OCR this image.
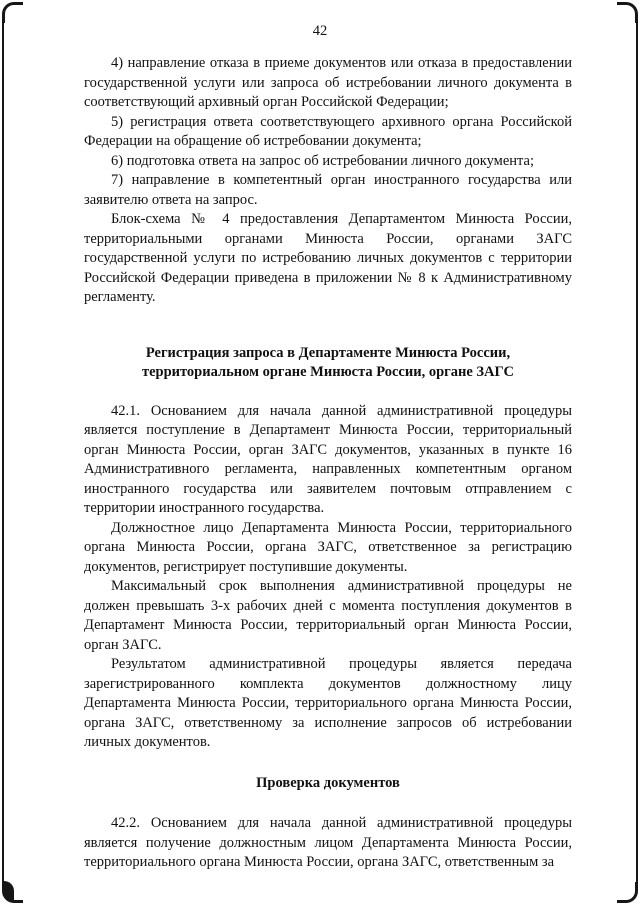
42

4) направление отказа в приеме документов или отказа в предоставлении государственной услуги или запроса об истребовании личного документа в соответствующий архивный орган Российской Федерации;

5) регистрация ответа соответствующего архивного органа Российской Федерации на обращение об истребовании документа;

6) подготовка ответа на запрос об истребовании личного документа;

7) направление в компетентный орган иностранного государства или заявителю ответа на запрос.

Блок-схема № 4 предоставления Департаментом Минюста России, территориальными органами Минюста России, органами ЗАГС государственной услуги по истребованию личных документов с территории Российской Федерации приведена в приложении № 8 к Административному регламенту.

Регистрация запроса в Департаменте Минюста России, территориальном органе Минюста России, органе ЗАГС

42.1. Основанием для начала данной административной процедуры является поступление в Департамент Минюста России, территориальный орган Минюста России, орган ЗАГС документов, указанных в пункте 16 Административного регламента, направленных компетентным органом иностранного государства или заявителем почтовым отправлением с территории иностранного государства.

Должностное лицо Департамента Минюста России, территориального органа Минюста России, органа ЗАГС, ответственное за регистрацию документов, регистрирует поступившие документы.

Максимальный срок выполнения административной процедуры не должен превышать 3-х рабочих дней с момента поступления документов в Департамент Минюста России, территориальный орган Минюста России, орган ЗАГС.

Результатом административной процедуры является передача зарегистрированного комплекта документов должностному лицу Департамента Минюста России, территориального органа Минюста России, органа ЗАГС, ответственному за исполнение запросов об истребовании личных документов.

Проверка документов

42.2. Основанием для начала данной административной процедуры является получение должностным лицом Департамента Минюста России, территориального органа Минюста России, органа ЗАГС, ответственным за
